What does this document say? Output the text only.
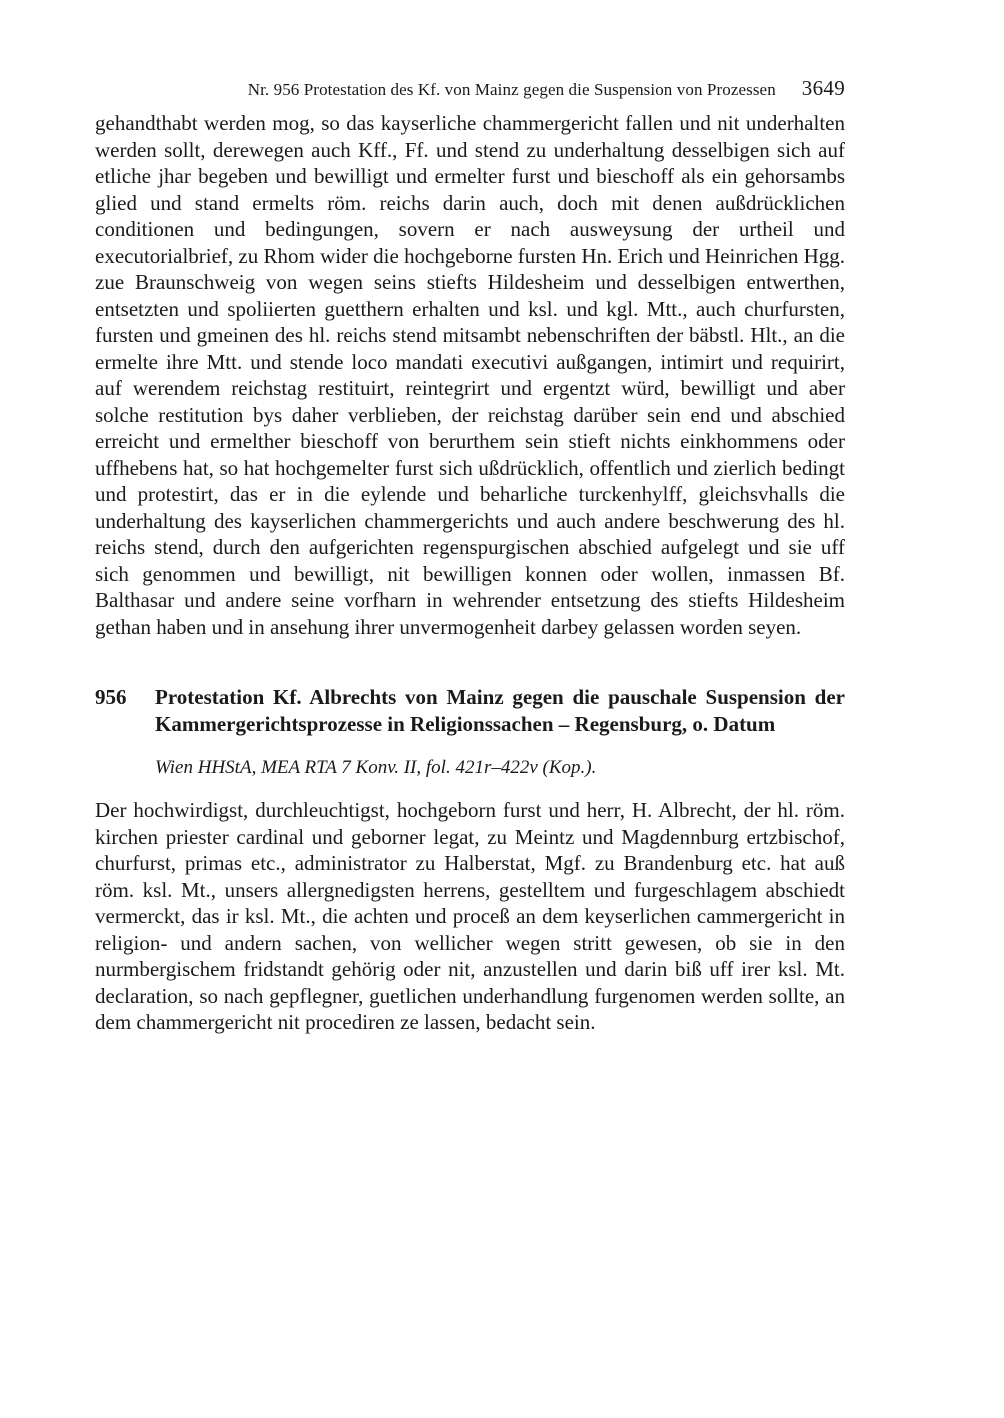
Nr. 956 Protestation des Kf. von Mainz gegen die Suspension von Prozessen 3649

gehandthabt werden mog, so das kayserliche chammergericht fallen und nit underhalten werden sollt, derewegen auch Kff., Ff. und stend zu underhaltung desselbigen sich auf etliche jhar begeben und bewilligt und ermelter furst und bieschoff als ein gehorsambs glied und stand ermelts röm. reichs darin auch, doch mit denen außdrücklichen conditionen und bedingungen, sovern er nach ausweysung der urtheil und executorialbrief, zu Rhom wider die hochgeborne fursten Hn. Erich und Heinrichen Hgg. zue Braunschweig von wegen seins stiefts Hildesheim und desselbigen entwerthen, entsetzten und spoliierten guetthern erhalten und ksl. und kgl. Mtt., auch churfursten, fursten und gmeinen des hl. reichs stend mitsambt nebenschriften der bäbstl. Hlt., an die ermelte ihre Mtt. und stende loco mandati executivi außgangen, intimirt und requirirt, auf werendem reichstag restituirt, reintegrirt und ergentzt würd, bewilligt und aber solche restitution bys daher verblieben, der reichstag darüber sein end und abschied erreicht und ermelther bieschoff von berurthem sein stieft nichts einkhommens oder uffhebens hat, so hat hochgemelter furst sich ußdrücklich, offentlich und zierlich bedingt und protestirt, das er in die eylende und beharliche turckenhylff, gleichsvhalls die underhaltung des kayserlichen chammergerichts und auch andere beschwerung des hl. reichs stend, durch den aufgerichten regenspurgischen abschied aufgelegt und sie uff sich genommen und bewilligt, nit bewilligen konnen oder wollen, inmassen Bf. Balthasar und andere seine vorfharn in wehrender entsetzung des stiefts Hildesheim gethan haben und in ansehung ihrer unvermogenheit darbey gelassen worden seyen.

956	Protestation Kf. Albrechts von Mainz gegen die pauschale Suspension der Kammergerichtsprozesse in Religionssachen – Regensburg, o. Datum
Wien HHStA, MEA RTA 7 Konv. II, fol. 421r–422v (Kop.).

Der hochwirdigst, durchleuchtigst, hochgeborn furst und herr, H. Albrecht, der hl. röm. kirchen priester cardinal und geborner legat, zu Meintz und Magdennburg ertzbischof, churfurst, primas etc., administrator zu Halberstat, Mgf. zu Brandenburg etc. hat auß röm. ksl. Mt., unsers allergnedigsten herrens, gestelltem und furgeschlagem abschiedt vermerckt, das ir ksl. Mt., die achten und proceß an dem keyserlichen cammergericht in religion- und andern sachen, von wellicher wegen stritt gewesen, ob sie in den nurmbergischem fridstandt gehörig oder nit, anzustellen und darin biß uff irer ksl. Mt. declaration, so nach gepflegner, guetlichen underhandlung furgenomen werden sollte, an dem chammergericht nit procediren ze lassen, bedacht sein.
